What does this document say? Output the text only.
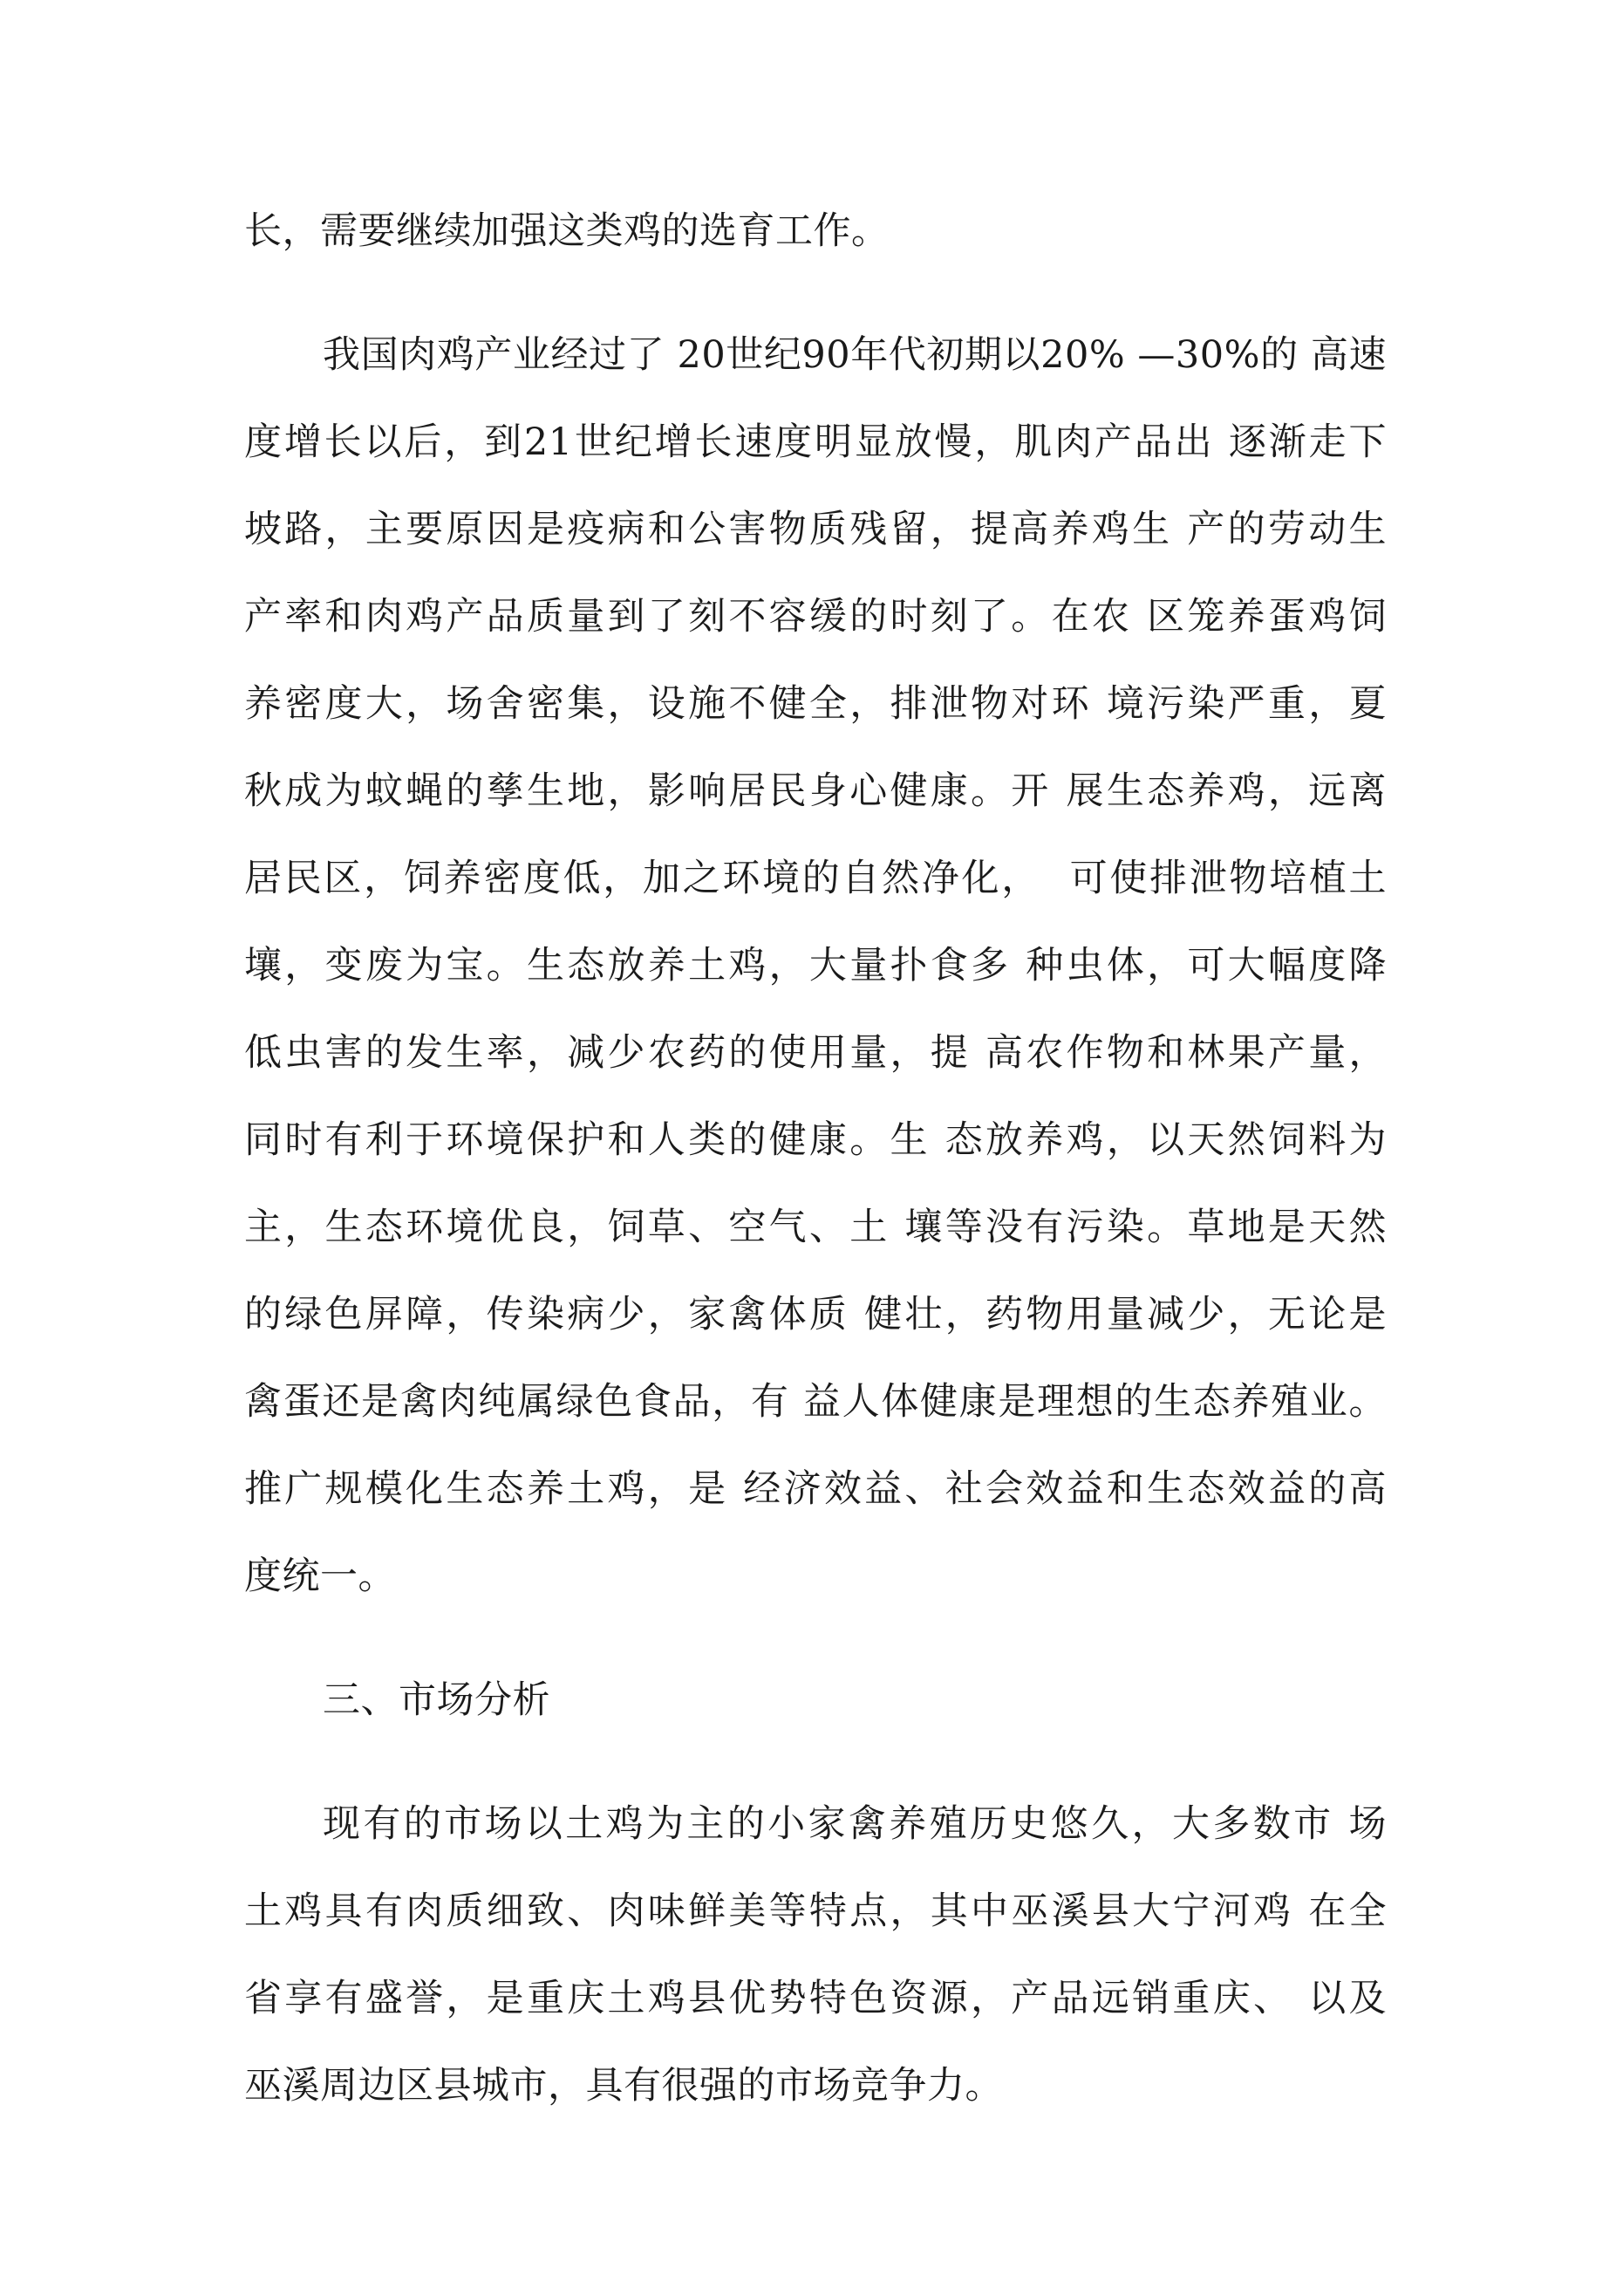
长，需要继续加强这类鸡的选育工作。
我国肉鸡产业经过了 20世纪90年代初期以20% —30%的 高速
度增长以后，到21世纪增长速度明显放慢，肌肉产品出 逐渐走下
坡路，主要原因是疫病和公害物质残留，提高养鸡生 产的劳动生
产率和肉鸡产品质量到了刻不容缓的时刻了。在农 区笼养蛋鸡饲
养密度大，场舍密集，设施不健全，排泄物对环 境污染严重，夏
秋成为蚊蝇的孳生地，影响居民身心健康。开 展生态养鸡，远离
居民区，饲养密度低，加之环境的自然净化，  可使排泄物培植土
壤，变废为宝。生态放养土鸡，大量扑食多 种虫体，可大幅度降
低虫害的发生率，减少农药的使用量，提 高农作物和林果产量，
同时有利于环境保护和人类的健康。生 态放养鸡，以天然饲料为
主，生态环境优良，饲草、空气、土 壤等没有污染。草地是天然
的绿色屏障，传染病少，家禽体质 健壮，药物用量减少，无论是
禽蛋还是禽肉纯属绿色食品，有 益人体健康是理想的生态养殖业。
推广规模化生态养土鸡，是 经济效益、社会效益和生态效益的高
度统一。
三、市场分析
现有的市场以土鸡为主的小家禽养殖历史悠久，大多数市 场
土鸡具有肉质细致、肉味鲜美等特点，其中巫溪县大宁河鸡 在全
省享有盛誉，是重庆土鸡县优势特色资源，产品远销重庆、 以及
巫溪周边区县城市，具有很强的市场竞争力。
